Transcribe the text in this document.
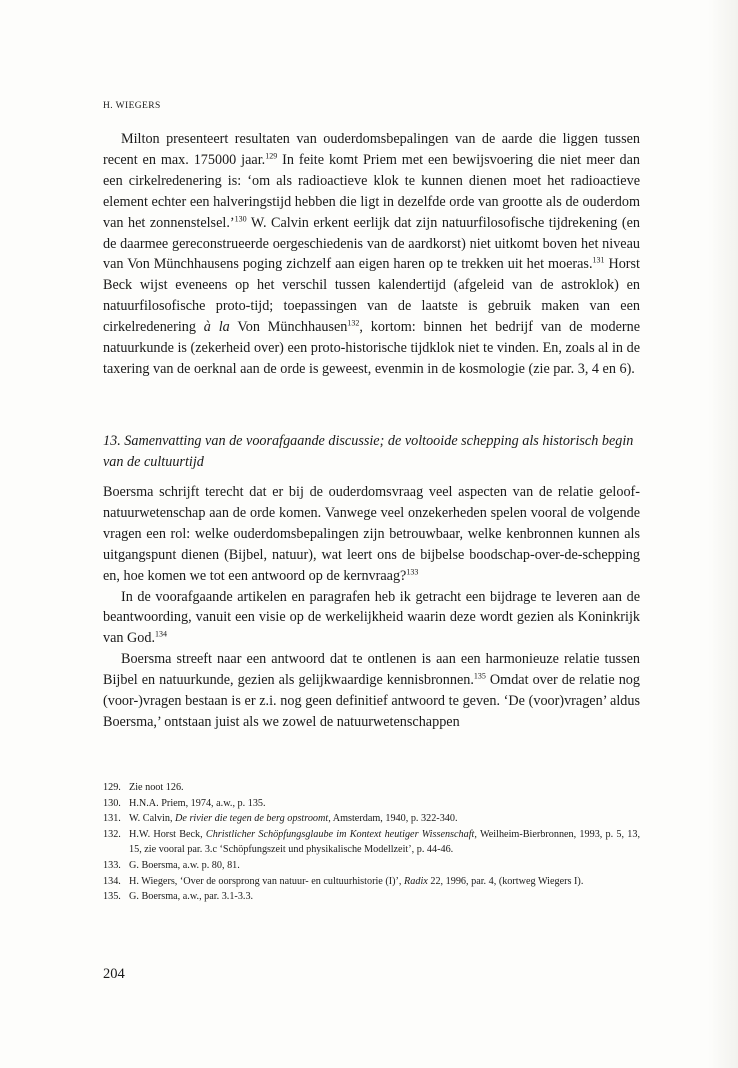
H. WIEGERS

Milton presenteert resultaten van ouderdomsbepalingen van de aarde die liggen tussen recent en max. 175000 jaar.$^{129}$ In feite komt Priem met een bewijsvoering die niet meer dan een cirkelredenering is: ‘om als radioactieve klok te kunnen dienen moet het radioactieve element echter een halveringstijd hebben die ligt in dezelfde orde van grootte als de ouderdom van het zonnenstelsel.’$^{130}$ W. Calvin erkent eerlijk dat zijn natuurfilosofische tijdrekening (en de daarmee gereconstrueerde oergeschiedenis van de aardkorst) niet uitkomt boven het niveau van Von Münchhausens poging zichzelf aan eigen haren op te trekken uit het moeras.$^{131}$ Horst Beck wijst eveneens op het verschil tussen kalendertijd (afgeleid van de astroklok) en natuurfilosofische proto-tijd; toepassingen van de laatste is gebruik maken van een cirkelredenering à la Von Münchhausen$^{132}$, kortom: binnen het bedrijf van de moderne natuurkunde is (zekerheid over) een proto-historische tijdklok niet te vinden. En, zoals al in de taxering van de oerknal aan de orde is geweest, evenmin in de kosmologie (zie par. 3, 4 en 6).

13. Samenvatting van de voorafgaande discussie; de voltooide schepping als historisch begin van de cultuurtijd

Boersma schrijft terecht dat er bij de ouderdomsvraag veel aspecten van de relatie geloof-natuurwetenschap aan de orde komen. Vanwege veel onzekerheden spelen vooral de volgende vragen een rol: welke ouderdomsbepalingen zijn betrouwbaar, welke kenbronnen kunnen als uitgangspunt dienen (Bijbel, natuur), wat leert ons de bijbelse boodschap-over-de-schepping en, hoe komen we tot een antwoord op de kernvraag?$^{133}$

In de voorafgaande artikelen en paragrafen heb ik getracht een bijdrage te leveren aan de beantwoording, vanuit een visie op de werkelijkheid waarin deze wordt gezien als Koninkrijk van God.$^{134}$

Boersma streeft naar een antwoord dat te ontlenen is aan een harmonieuze relatie tussen Bijbel en natuurkunde, gezien als gelijkwaardige kennisbronnen.$^{135}$ Omdat over de relatie nog (voor-)vragen bestaan is er z.i. nog geen definitief antwoord te geven. ‘De (voor)vragen’ aldus Boersma,’ ontstaan juist als we zowel de natuurwetenschappen

129. Zie noot 126.
130. H.N.A. Priem, 1974, a.w., p. 135.
131. W. Calvin, De rivier die tegen de berg opstroomt, Amsterdam, 1940, p. 322-340.
132. H.W. Horst Beck, Christlicher Schöpfungsglaube im Kontext heutiger Wissenschaft, Weilheim-Bierbronnen, 1993, p. 5, 13, 15, zie vooral par. 3.c ‘Schöpfungszeit und physikalische Modellzeit’, p. 44-46.
133. G. Boersma, a.w. p. 80, 81.
134. H. Wiegers, ‘Over de oorsprong van natuur- en cultuurhistorie (I)’, Radix 22, 1996, par. 4, (kortweg Wiegers I).
135. G. Boersma, a.w., par. 3.1-3.3.
204
